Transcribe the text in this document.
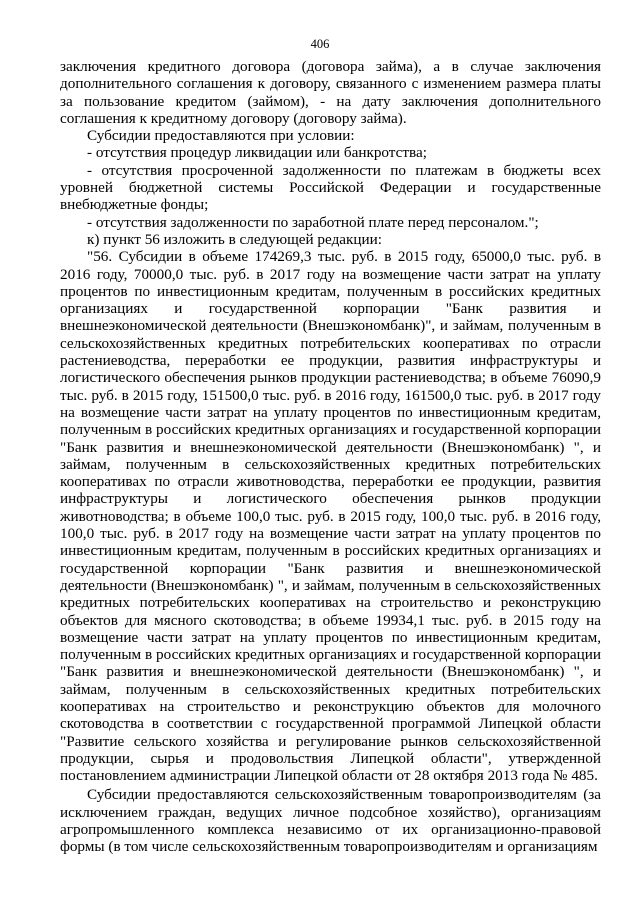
406

заключения кредитного договора (договора займа), а в случае заключения дополнительного соглашения к договору, связанного с изменением размера платы за пользование кредитом (займом), - на дату заключения дополнительного соглашения к кредитному договору (договору займа).

Субсидии предоставляются при условии:

- отсутствия процедур ликвидации или банкротства;

- отсутствия просроченной задолженности по платежам в бюджеты всех уровней бюджетной системы Российской Федерации и государственные внебюджетные фонды;

- отсутствия задолженности по заработной плате перед персоналом.";

к) пункт 56 изложить в следующей редакции:

"56. Субсидии в объеме 174269,3 тыс. руб. в 2015 году, 65000,0 тыс. руб. в 2016 году, 70000,0 тыс. руб. в 2017 году на возмещение части затрат на уплату процентов по инвестиционным кредитам, полученным в российских кредитных организациях и государственной корпорации "Банк развития и внешнеэкономической деятельности (Внешэкономбанк)", и займам, полученным в сельскохозяйственных кредитных потребительских кооперативах по отрасли растениеводства, переработки ее продукции, развития инфраструктуры и логистического обеспечения рынков продукции растениеводства; в объеме 76090,9 тыс. руб. в 2015 году, 151500,0 тыс. руб. в 2016 году, 161500,0 тыс. руб. в 2017 году на возмещение части затрат на уплату процентов по инвестиционным кредитам, полученным в российских кредитных организациях и государственной корпорации "Банк развития и внешнеэкономической деятельности (Внешэкономбанк) ", и займам, полученным в сельскохозяйственных кредитных потребительских кооперативах по отрасли животноводства, переработки ее продукции, развития инфраструктуры и логистического обеспечения рынков продукции животноводства; в объеме 100,0 тыс. руб. в 2015 году, 100,0 тыс. руб. в 2016 году, 100,0 тыс. руб. в 2017 году на возмещение части затрат на уплату процентов по инвестиционным кредитам, полученным в российских кредитных организациях и государственной корпорации "Банк развития и внешнеэкономической деятельности (Внешэкономбанк) ", и займам, полученным в сельскохозяйственных кредитных потребительских кооперативах на строительство и реконструкцию объектов для мясного скотоводства; в объеме 19934,1 тыс. руб. в 2015 году на возмещение части затрат на уплату процентов по инвестиционным кредитам, полученным в российских кредитных организациях и государственной корпорации "Банк развития и внешнеэкономической деятельности (Внешэкономбанк) ", и займам, полученным в сельскохозяйственных кредитных потребительских кооперативах на строительство и реконструкцию объектов для молочного скотоводства в соответствии с государственной программой Липецкой области "Развитие сельского хозяйства и регулирование рынков сельскохозяйственной продукции, сырья и продовольствия Липецкой области", утвержденной постановлением администрации Липецкой области от 28 октября 2013 года № 485.

Субсидии предоставляются сельскохозяйственным товаропроизводителям (за исключением граждан, ведущих личное подсобное хозяйство), организациям агропромышленного комплекса независимо от их организационно-правовой формы (в том числе сельскохозяйственным товаропроизводителям и организациям
